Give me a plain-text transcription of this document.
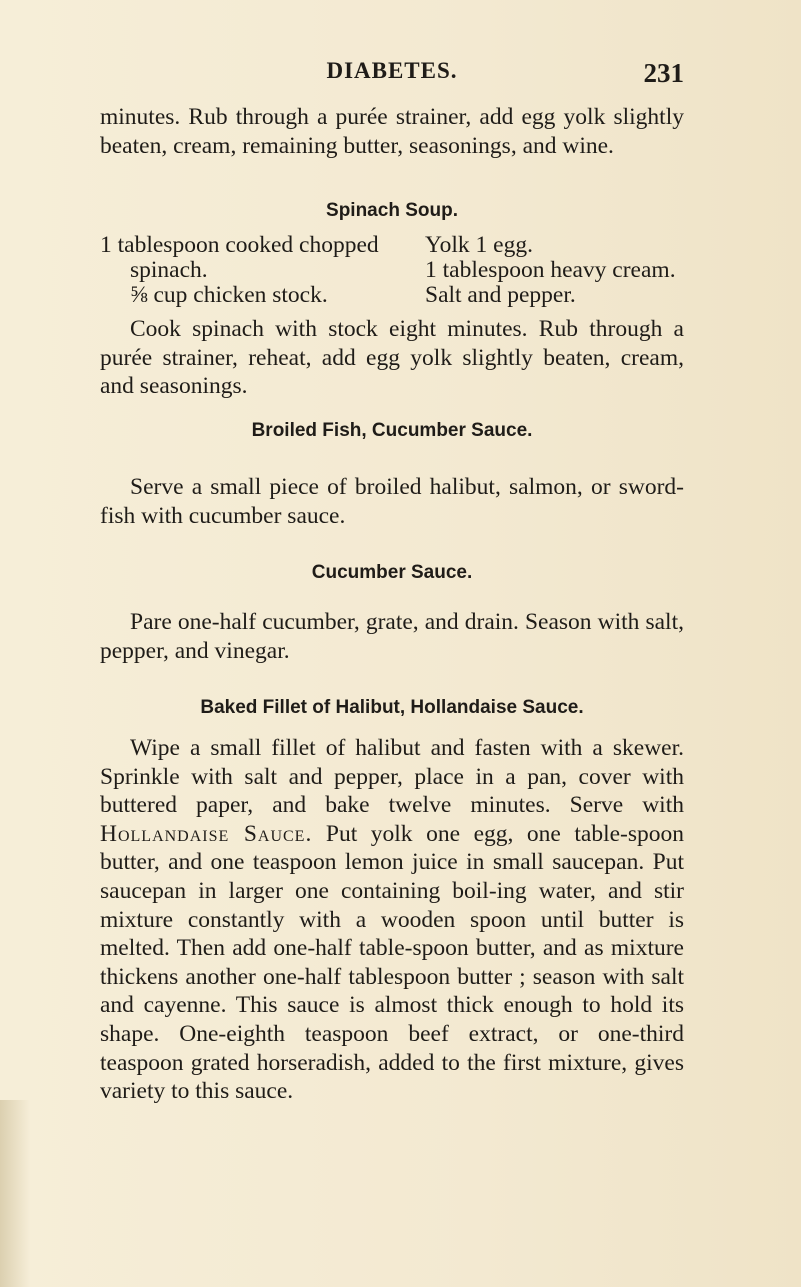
DIABETES.	231

minutes. Rub through a purée strainer, add egg yolk slightly beaten, cream, remaining butter, seasonings, and wine.

Spinach Soup.
1 tablespoon cooked chopped
spinach.
⅝ cup chicken stock.
Yolk 1 egg.
1 tablespoon heavy cream.
Salt and pepper.

Cook spinach with stock eight minutes. Rub through a purée strainer, reheat, add egg yolk slightly beaten, cream, and seasonings.

Broiled Fish, Cucumber Sauce.

Serve a small piece of broiled halibut, salmon, or sword-fish with cucumber sauce.

Cucumber Sauce.

Pare one-half cucumber, grate, and drain. Season with salt, pepper, and vinegar.

Baked Fillet of Halibut, Hollandaise Sauce.

Wipe a small fillet of halibut and fasten with a skewer. Sprinkle with salt and pepper, place in a pan, cover with buttered paper, and bake twelve minutes. Serve with Hollandaise Sauce. Put yolk one egg, one table-spoon butter, and one teaspoon lemon juice in small saucepan. Put saucepan in larger one containing boil-ing water, and stir mixture constantly with a wooden spoon until butter is melted. Then add one-half table-spoon butter, and as mixture thickens another one-half tablespoon butter ; season with salt and cayenne. This sauce is almost thick enough to hold its shape. One-eighth teaspoon beef extract, or one-third teaspoon grated horseradish, added to the first mixture, gives variety to this sauce.
